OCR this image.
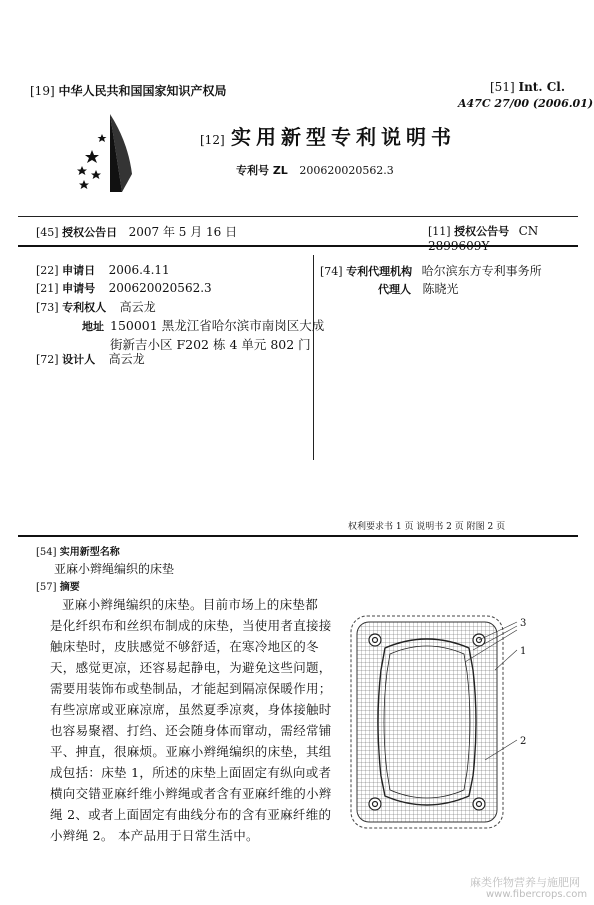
[19] 中华人民共和国国家知识产权局	[51] Int. Cl.
A47C 27/00 (2006.01)
[12] 实用新型专利说明书
专利号 ZL 200620020562.3
[45] 授权公告日 2007 年 5 月 16 日	[11] 授权公告号 CN 2899609Y
[22] 申请日 2006.4.11
[21] 申请号 200620020562.3
[73] 专利权人 高云龙
地址 150001 黑龙江省哈尔滨市南岗区大成
街新吉小区 F202 栋 4 单元 802 门
[72] 设计人 高云龙
[74] 专利代理机构 哈尔滨东方专利事务所
代理人 陈晓光
权利要求书 1 页 说明书 2 页 附图 2 页
[54] 实用新型名称
亚麻小辫绳编织的床垫
[57] 摘要

亚麻小辫绳编织的床垫。目前市场上的床垫都

是化纤织布和丝织布制成的床垫，当使用者直接接

触床垫时，皮肤感觉不够舒适，在寒冷地区的冬

天，感觉更凉，还容易起静电，为避免这些问题，

需要用装饰布或垫制品，才能起到隔凉保暖作用；

有些凉席或亚麻凉席，虽然夏季凉爽，身体接触时

也容易聚褶、打绉、还会随身体而窜动，需经常铺

平、抻直，很麻烦。亚麻小辫绳编织的床垫，其组

成包括：床垫 1，所述的床垫上面固定有纵向或者

横向交错亚麻纤维小辫绳或者含有亚麻纤维的小辫

绳 2、或者上面固定有曲线分布的含有亚麻纤维的

小辫绳 2。 本产品用于日常生活中。

3
1
2
麻类作物营养与施肥网
www.fibercrops.com
